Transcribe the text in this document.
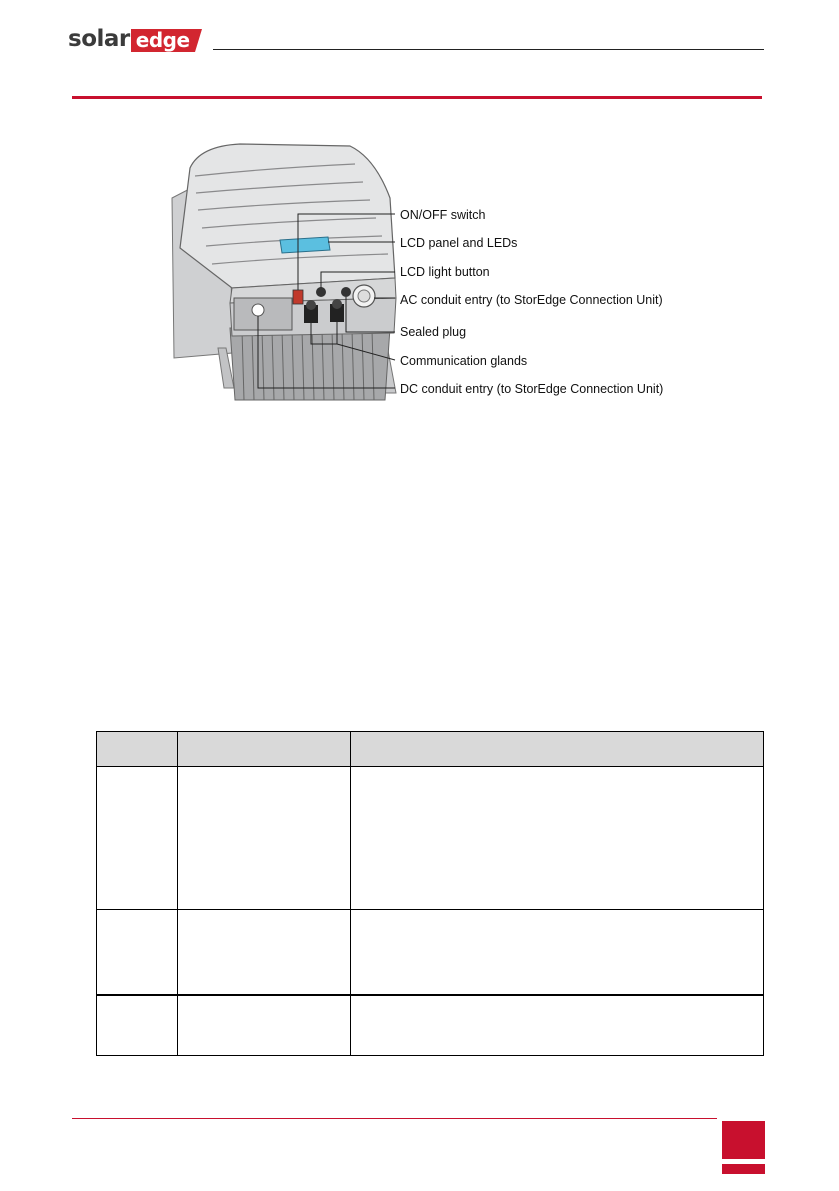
solar edge
ON/OFF switch
LCD panel and LEDs
LCD light button
AC conduit entry (to StorEdge Connection Unit)
Sealed plug
Communication glands
DC conduit entry (to StorEdge Connection Unit)
